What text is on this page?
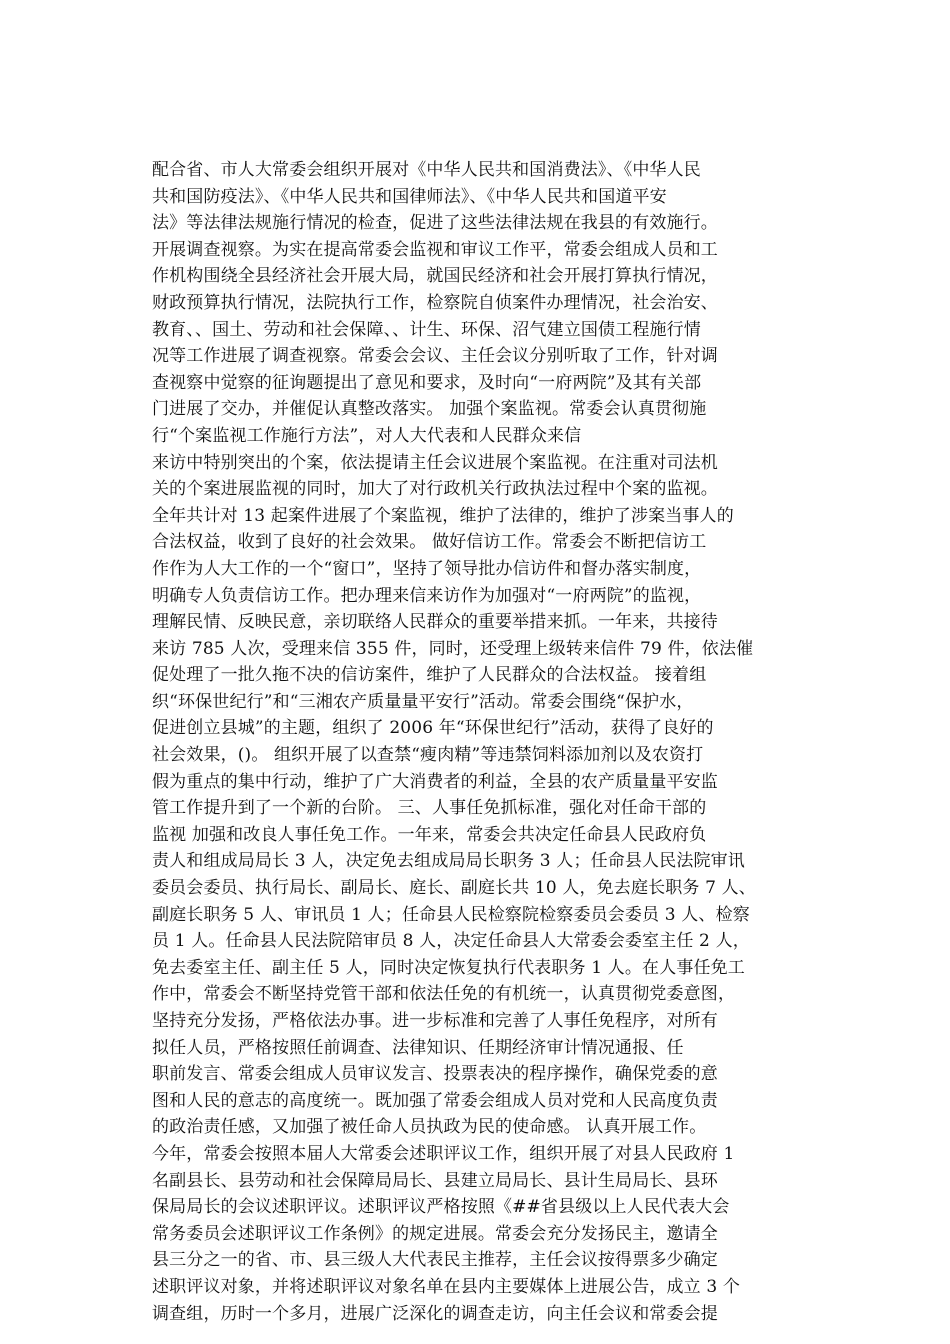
配合省、市人大常委会组织开展对《中华人民共和国消费法》、《中华人民
共和国防疫法》、《中华人民共和国律师法》、《中华人民共和国道平安
法》等法律法规施行情况的检查，促进了这些法律法规在我县的有效施行。
开展调查视察。为实在提高常委会监视和审议工作平，常委会组成人员和工
作机构围绕全县经济社会开展大局，就国民经济和社会开展打算执行情况，
财政预算执行情况，法院执行工作，检察院自侦案件办理情况，社会治安、
教育、、国土、劳动和社会保障、、计生、环保、沼气建立国债工程施行情
况等工作进展了调查视察。常委会会议、主任会议分别听取了工作，针对调
查视察中觉察的征询题提出了意见和要求，及时向“一府两院”及其有关部
门进展了交办，并催促认真整改落实。 加强个案监视。常委会认真贯彻施
行“个案监视工作施行方法”，对人大代表和人民群众来信
来访中特别突出的个案，依法提请主任会议进展个案监视。在注重对司法机
关的个案进展监视的同时，加大了对行政机关行政执法过程中个案的监视。
全年共计对 13 起案件进展了个案监视，维护了法律的，维护了涉案当事人的
合法权益，收到了良好的社会效果。 做好信访工作。常委会不断把信访工
作作为人大工作的一个“窗口”，坚持了领导批办信访件和督办落实制度，
明确专人负责信访工作。把办理来信来访作为加强对“一府两院”的监视，
理解民情、反映民意，亲切联络人民群众的重要举措来抓。一年来，共接待
来访 785 人次，受理来信 355 件，同时，还受理上级转来信件 79 件，依法催
促处理了一批久拖不决的信访案件，维护了人民群众的合法权益。 接着组
织“环保世纪行”和“三湘农产质量量平安行”活动。常委会围绕“保护水，
促进创立县城”的主题，组织了 2006 年“环保世纪行”活动，获得了良好的
社会效果，()。 组织开展了以查禁“瘦肉精”等违禁饲料添加剂以及农资打
假为重点的集中行动，维护了广大消费者的利益，全县的农产质量量平安监
管工作提升到了一个新的台阶。 三、人事任免抓标准，强化对任命干部的
监视 加强和改良人事任免工作。一年来，常委会共决定任命县人民政府负
责人和组成局局长 3 人，决定免去组成局局长职务 3 人；任命县人民法院审讯
委员会委员、执行局长、副局长、庭长、副庭长共 10 人，免去庭长职务 7 人、
副庭长职务 5 人、审讯员 1 人；任命县人民检察院检察委员会委员 3 人、检察
员 1 人。任命县人民法院陪审员 8 人，决定任命县人大常委会委室主任 2 人，
免去委室主任、副主任 5 人，同时决定恢复执行代表职务 1 人。在人事任免工
作中，常委会不断坚持党管干部和依法任免的有机统一，认真贯彻党委意图，
坚持充分发扬，严格依法办事。进一步标准和完善了人事任免程序，对所有
拟任人员，严格按照任前调查、法律知识、任期经济审计情况通报、任
职前发言、常委会组成人员审议发言、投票表决的程序操作，确保党委的意
图和人民的意志的高度统一。既加强了常委会组成人员对党和人民高度负责
的政治责任感，又加强了被任命人员执政为民的使命感。 认真开展工作。
今年，常委会按照本届人大常委会述职评议工作，组织开展了对县人民政府 1
名副县长、县劳动和社会保障局局长、县建立局局长、县计生局局长、县环
保局局长的会议述职评议。述职评议严格按照《##省县级以上人民代表大会
常务委员会述职评议工作条例》的规定进展。常委会充分发扬民主，邀请全
县三分之一的省、市、县三级人大代表民主推荐，主任会议按得票多少确定
述职评议对象，并将述职评议对象名单在县内主要媒体上进展公告，成立 3 个
调查组，历时一个多月，进展广泛深化的调查走访，向主任会议和常委会提
